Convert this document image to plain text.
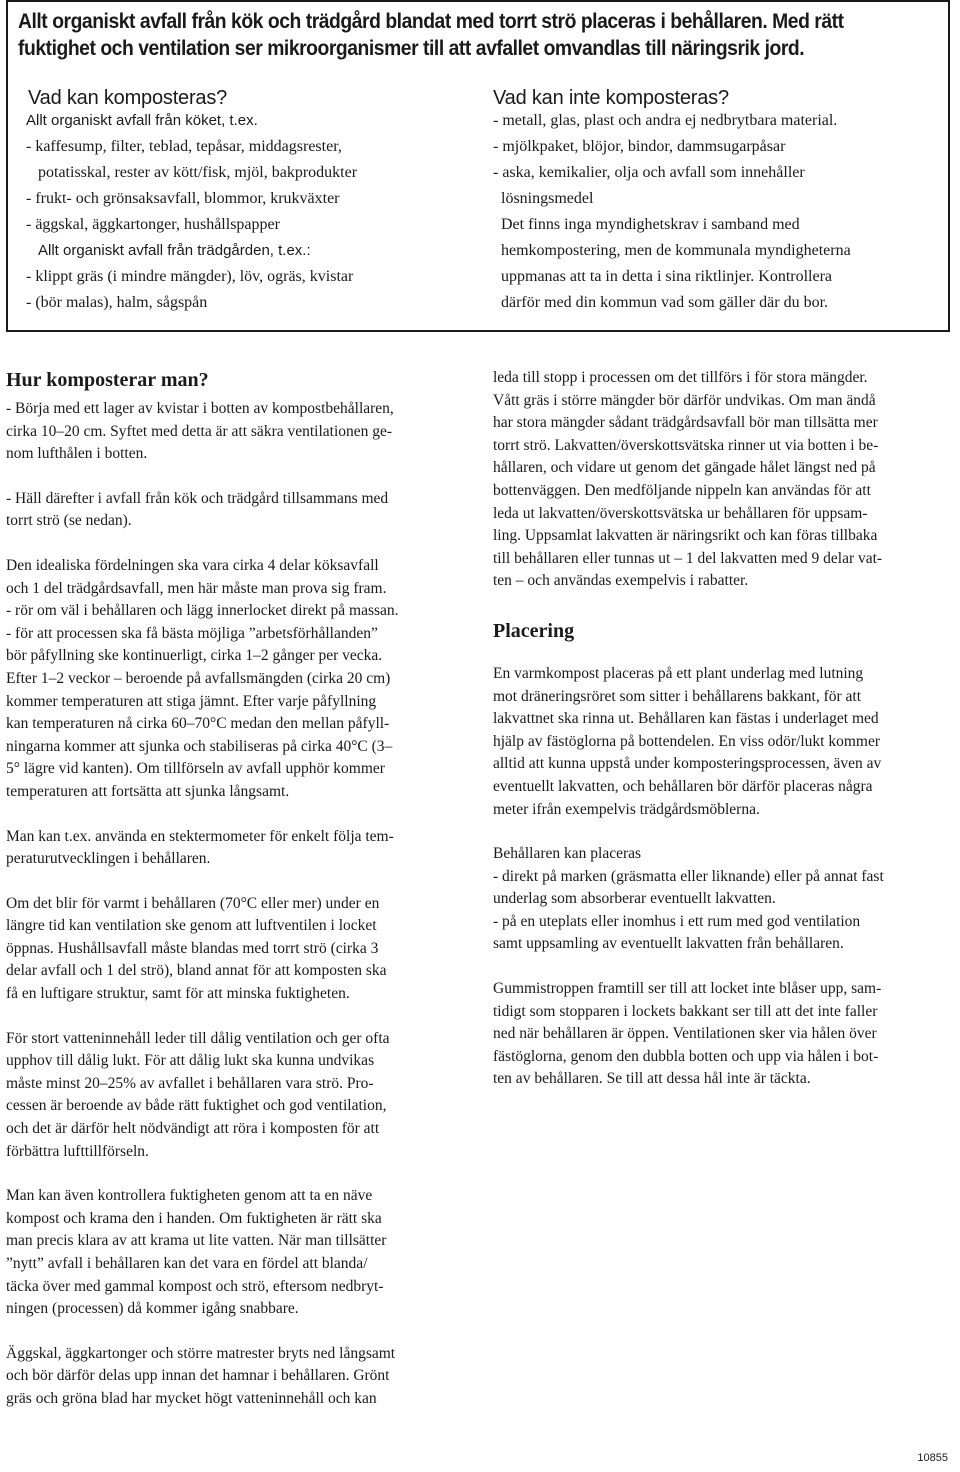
Allt organiskt avfall från kök och trädgård blandat med torrt strö placeras i behållaren. Med rätt
fuktighet och ventilation ser mikroorganismer till att avfallet omvandlas till näringsrik jord.
Vad kan komposteras?
Allt organiskt avfall från köket, t.ex.
- kaffesump, filter, teblad, tepåsar, middagsrester,
potatisskal, rester av kött/fisk, mjöl, bakprodukter
- frukt- och grönsaksavfall, blommor, krukväxter
- äggskal, äggkartonger, hushållspapper
Allt organiskt avfall från trädgården, t.ex.:
- klippt gräs (i mindre mängder), löv, ogräs, kvistar
- (bör malas), halm, sågspån
Vad kan inte komposteras?
- metall, glas, plast och andra ej nedbrytbara material.
- mjölkpaket, blöjor, bindor, dammsugarpåsar
- aska, kemikalier, olja och avfall som innehåller
lösningsmedel
Det finns inga myndighetskrav i samband med
hemkompostering, men de kommunala myndigheterna
uppmanas att ta in detta i sina riktlinjer. Kontrollera
därför med din kommun vad som gäller där du bor.
Hur komposterar man?

- Börja med ett lager av kvistar i botten av kompostbehållaren,
cirka 10–20 cm. Syftet med detta är att säkra ventilationen ge-
nom lufthålen i botten.

- Häll därefter i avfall från kök och trädgård tillsammans med
torrt strö (se nedan).

Den idealiska fördelningen ska vara cirka 4 delar köksavfall
och 1 del trädgårdsavfall, men här måste man prova sig fram.
- rör om väl i behållaren och lägg innerlocket direkt på massan.
- för att processen ska få bästa möjliga ”arbetsförhållanden”
bör påfyllning ske kontinuerligt, cirka 1–2 gånger per vecka.
Efter 1–2 veckor – beroende på avfallsmängden (cirka 20 cm)
kommer temperaturen att stiga jämnt. Efter varje påfyllning
kan temperaturen nå cirka 60–70°C medan den mellan påfyll-
ningarna kommer att sjunka och stabiliseras på cirka 40°C (3–
5° lägre vid kanten). Om tillförseln av avfall upphör kommer
temperaturen att fortsätta att sjunka långsamt.

Man kan t.ex. använda en stektermometer för enkelt följa tem-
peraturutvecklingen i behållaren.

Om det blir för varmt i behållaren (70°C eller mer) under en
längre tid kan ventilation ske genom att luftventilen i locket
öppnas. Hushållsavfall måste blandas med torrt strö (cirka 3
delar avfall och 1 del strö), bland annat för att komposten ska
få en luftigare struktur, samt för att minska fuktigheten.

För stort vatteninnehåll leder till dålig ventilation och ger ofta
upphov till dålig lukt. För att dålig lukt ska kunna undvikas
måste minst 20–25% av avfallet i behållaren vara strö. Pro-
cessen är beroende av både rätt fuktighet och god ventilation,
och det är därför helt nödvändigt att röra i komposten för att
förbättra lufttillförseln.

Man kan även kontrollera fuktigheten genom att ta en näve
kompost och krama den i handen. Om fuktigheten är rätt ska
man precis klara av att krama ut lite vatten. När man tillsätter
”nytt” avfall i behållaren kan det vara en fördel att blanda/
täcka över med gammal kompost och strö, eftersom nedbryt-
ningen (processen) då kommer igång snabbare.

Äggskal, äggkartonger och större matrester bryts ned långsamt
och bör därför delas upp innan det hamnar i behållaren. Grönt
gräs och gröna blad har mycket högt vatteninnehåll och kan

leda till stopp i processen om det tillförs i för stora mängder.
Vått gräs i större mängder bör därför undvikas. Om man ändå
har stora mängder sådant trädgårdsavfall bör man tillsätta mer
torrt strö. Lakvatten/överskottsvätska rinner ut via botten i be-
hållaren, och vidare ut genom det gängade hålet längst ned på
bottenväggen. Den medföljande nippeln kan användas för att
leda ut lakvatten/överskottsvätska ur behållaren för uppsam-
ling. Uppsamlat lakvatten är näringsrikt och kan föras tillbaka
till behållaren eller tunnas ut – 1 del lakvatten med 9 delar vat-
ten – och användas exempelvis i rabatter.

Placering

En varmkompost placeras på ett plant underlag med lutning
mot dräneringsröret som sitter i behållarens bakkant, för att
lakvattnet ska rinna ut. Behållaren kan fästas i underlaget med
hjälp av fästöglorna på bottendelen. En viss odör/lukt kommer
alltid att kunna uppstå under komposteringsprocessen, även av
eventuellt lakvatten, och behållaren bör därför placeras några
meter ifrån exempelvis trädgårdsmöblerna.

Behållaren kan placeras
- direkt på marken (gräsmatta eller liknande) eller på annat fast
underlag som absorberar eventuellt lakvatten.
- på en uteplats eller inomhus i ett rum med god ventilation
samt uppsamling av eventuellt lakvatten från behållaren.

Gummistroppen framtill ser till att locket inte blåser upp, sam-
tidigt som stopparen i lockets bakkant ser till att det inte faller
ned när behållaren är öppen. Ventilationen sker via hålen över
fästöglorna, genom den dubbla botten och upp via hålen i bot-
ten av behållaren. Se till att dessa hål inte är täckta.

10855
